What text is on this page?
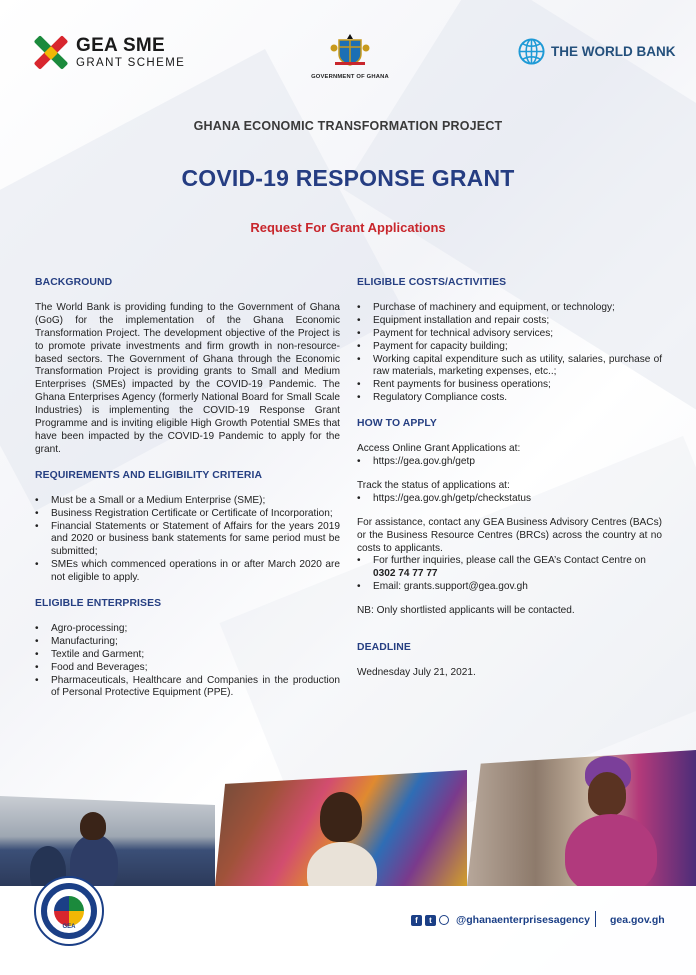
GEA SME
GRANT SCHEME
GOVERNMENT OF GHANA
THE WORLD BANK
GHANA ECONOMIC TRANSFORMATION PROJECT
COVID-19 RESPONSE GRANT
Request For Grant Applications
BACKGROUND

The World Bank is providing funding to the Government of Ghana (GoG) for the implementation of the Ghana Economic Transformation Project. The development objective of the Project is to promote private investments and firm growth in non-resource-based sectors. The Government of Ghana through the Economic Transformation Project is providing grants to Small and Medium Enterprises (SMEs) impacted by the COVID-19 Pandemic. The Ghana Enterprises Agency (formerly National Board for Small Scale Industries) is implementing the COVID-19 Response Grant Programme and is inviting eligible High Growth Potential SMEs that have been impacted by the COVID-19 Pandemic to apply for the grant.

REQUIREMENTS AND ELIGIBILITY CRITERIA
• Must be a Small or a Medium Enterprise (SME);
• Business Registration Certificate or Certificate of Incorporation;
• Financial Statements or Statement of Affairs for the years 2019 and 2020 or business bank statements for same period must be submitted;
• SMEs which commenced operations in or after March 2020 are not eligible to apply.
ELIGIBLE ENTERPRISES
• Agro-processing;
• Manufacturing;
• Textile and Garment;
• Food and Beverages;
• Pharmaceuticals, Healthcare and Companies in the production of Personal Protective Equipment (PPE).
ELIGIBLE COSTS/ACTIVITIES
• Purchase of machinery and equipment, or technology;
• Equipment installation and repair costs;
• Payment for technical advisory services;
• Payment for capacity building;
• Working capital expenditure such as utility, salaries, purchase of raw materials, marketing expenses, etc..;
• Rent payments for business operations;
• Regulatory Compliance costs.
HOW TO APPLY

Access Online Grant Applications at:

• https://gea.gov.gh/getp

Track the status of applications at:

• https://gea.gov.gh/getp/checkstatus

For assistance, contact any GEA Business Advisory Centres (BACs) or the Business Resource Centres (BRCs) across the country at no costs to applicants.

• For further inquiries, please call the GEA’s Contact Centre on
0302 74 77 77
• Email: grants.support@gea.gov.gh

NB: Only shortlisted applicants will be contacted.

DEADLINE

Wednesday July 21, 2021.

GEA
f	t	@ghanaenterprisesagency gea.gov.gh
